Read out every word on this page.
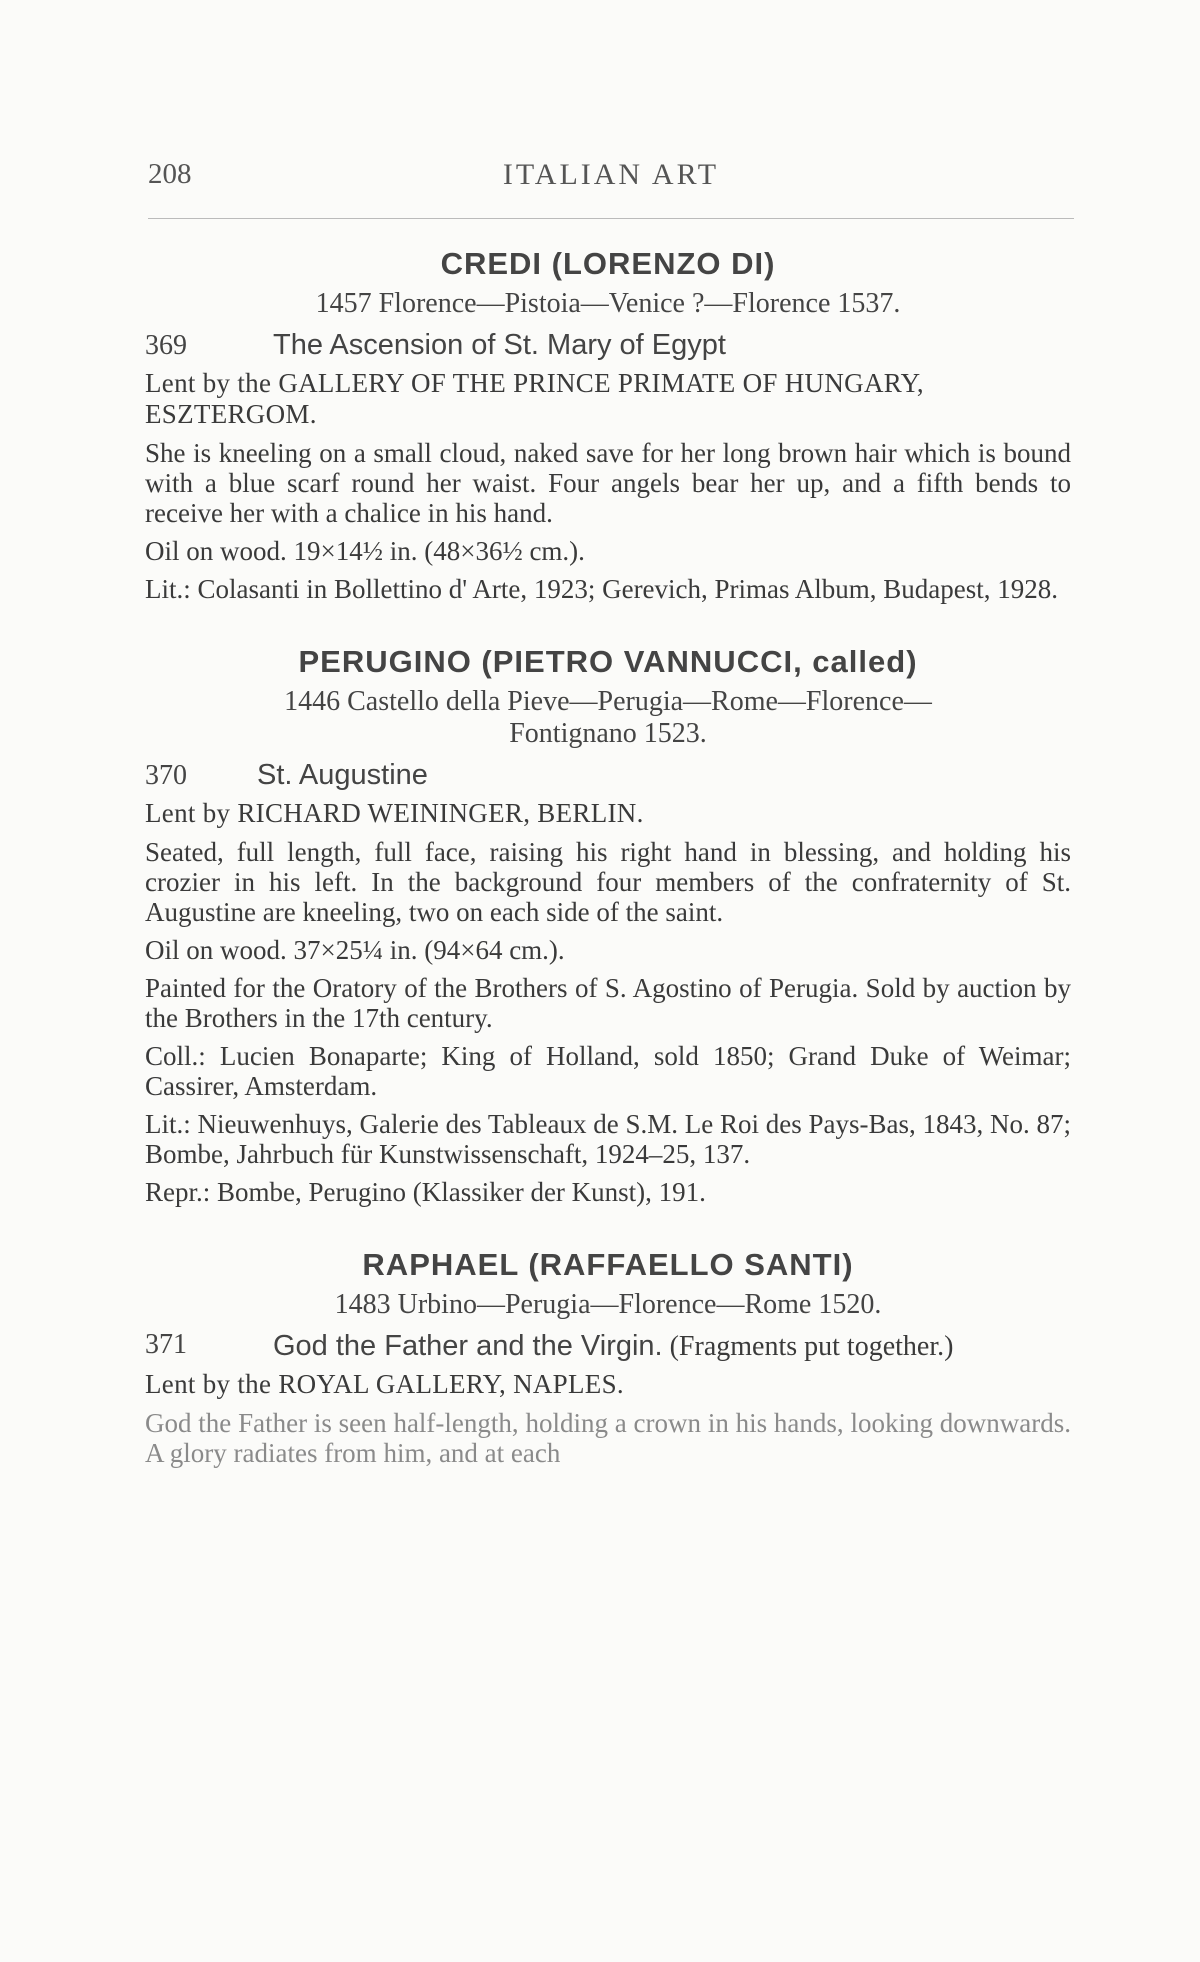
208	ITALIAN ART
CREDI (LORENZO DI)

1457 Florence—Pistoia—Venice ?—Florence 1537.

369	The Ascension of St. Mary of Egypt

Lent by the GALLERY OF THE PRINCE PRIMATE OF HUNGARY, ESZTERGOM.

She is kneeling on a small cloud, naked save for her long brown hair which is bound with a blue scarf round her waist. Four angels bear her up, and a fifth bends to receive her with a chalice in his hand.

Oil on wood. 19×14½ in. (48×36½ cm.).

Lit.: Colasanti in Bollettino d' Arte, 1923; Gerevich, Primas Album, Budapest, 1928.

PERUGINO (PIETRO VANNUCCI, called)

1446 Castello della Pieve—Perugia—Rome—Florence—

Fontignano 1523.

370	St. Augustine

Lent by RICHARD WEININGER, BERLIN.

Seated, full length, full face, raising his right hand in blessing, and holding his crozier in his left. In the background four members of the confraternity of St. Augustine are kneeling, two on each side of the saint.

Oil on wood. 37×25¼ in. (94×64 cm.).

Painted for the Oratory of the Brothers of S. Agostino of Perugia. Sold by auction by the Brothers in the 17th century.

Coll.: Lucien Bonaparte; King of Holland, sold 1850; Grand Duke of Weimar; Cassirer, Amsterdam.

Lit.: Nieuwenhuys, Galerie des Tableaux de S.M. Le Roi des Pays-Bas, 1843, No. 87; Bombe, Jahrbuch für Kunstwissenschaft, 1924–25, 137.

Repr.: Bombe, Perugino (Klassiker der Kunst), 191.

RAPHAEL (RAFFAELLO SANTI)

1483 Urbino—Perugia—Florence—Rome 1520.

371	God the Father and the Virgin. (Fragments put together.)

Lent by the ROYAL GALLERY, NAPLES.

God the Father is seen half-length, holding a crown in his hands, looking downwards. A glory radiates from him, and at each
